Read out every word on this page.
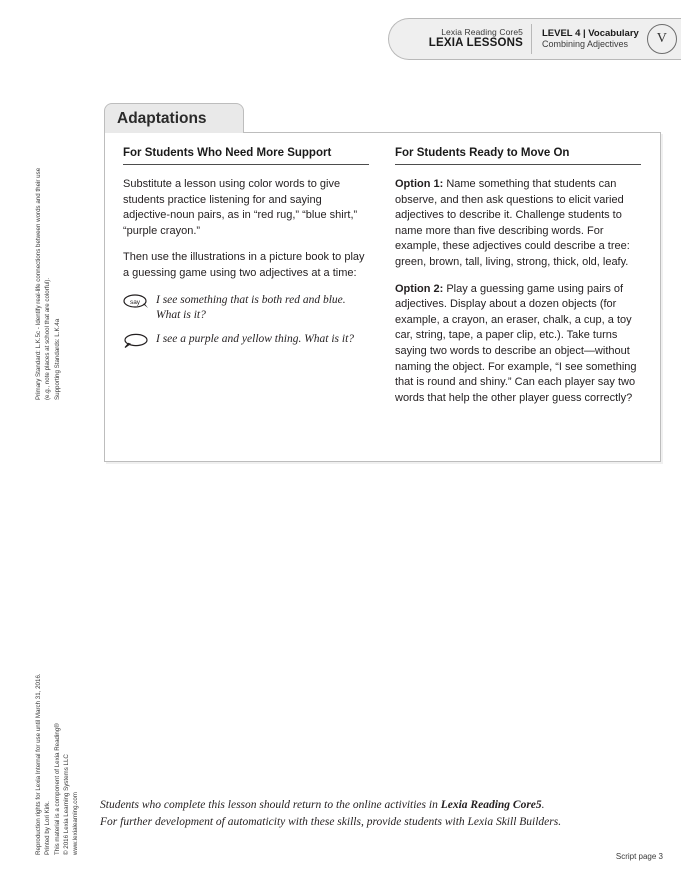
Lexia Reading Core5
LEXIA LESSONS
LEVEL 4 | Vocabulary
Combining Adjectives	V
Primary Standard: L.K.5c - Identify real-life connections between words and their use (e.g., note places at school that are colorful). Supporting Standards: L.K.4a
Reproduction rights for Lexia Internal for use until March 31, 2016. Printed by Lori Kirk. This material is a component of Lexia Reading® © 2016 Lexia Learning Systems LLC www.lexialearning.com
Adaptations
For Students Who Need More Support

Substitute a lesson using color words to give students practice listening for and saying adjective-noun pairs, as in “red rug,” “blue shirt,” “purple crayon.”

Then use the illustrations in a picture book to play a guessing game using two adjectives at a time:

say I see something that is both red and blue. What is it?
I see a purple and yellow thing. What is it?
For Students Ready to Move On

Option 1: Name something that students can observe, and then ask questions to elicit varied adjectives to describe it. Challenge students to name more than five describing words. For example, these adjectives could describe a tree: green, brown, tall, living, strong, thick, old, leafy.

Option 2: Play a guessing game using pairs of adjectives. Display about a dozen objects (for example, a crayon, an eraser, chalk, a cup, a toy car, string, tape, a paper clip, etc.). Take turns saying two words to describe an object—without naming the object. For example, “I see something that is round and shiny.” Can each player say two words that help the other player guess correctly?

Students who complete this lesson should return to the online activities in Lexia Reading Core5.
For further development of automaticity with these skills, provide students with Lexia Skill Builders.
Script page 3
